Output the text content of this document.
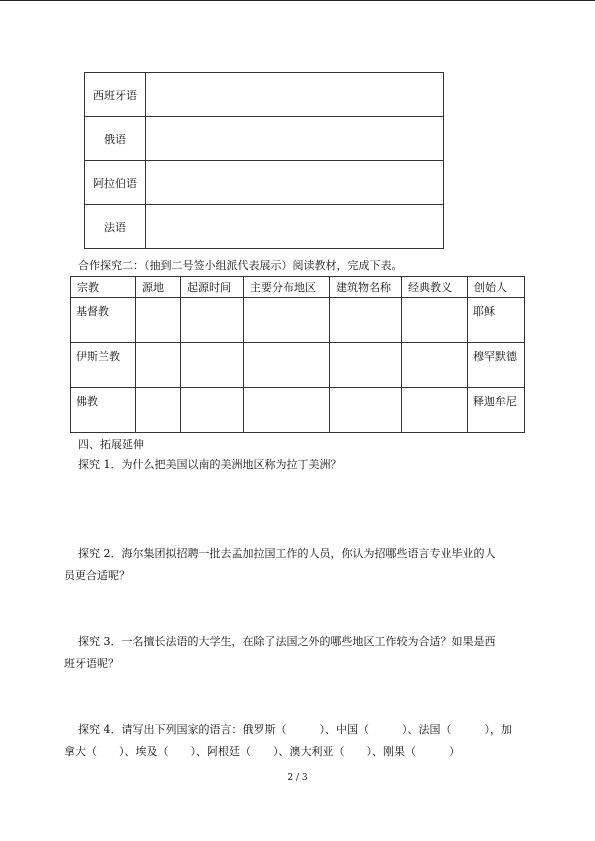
西班牙语	
俄语	
阿拉伯语	
法语	
合作探究二：（抽到二号签小组派代表展示）阅读教材，完成下表。
宗教	源地	起源时间	主要分布地区	建筑物名称	经典教义	创始人
基督教						耶稣
伊斯兰教						穆罕默德
佛教						释迦牟尼
四、拓展延伸
探究 1．为什么把美国以南的美洲地区称为拉丁美洲？
探究 2．海尔集团拟招聘一批去孟加拉国工作的人员，你认为招哪些语言专业毕业的人
员更合适呢？
探究 3．一名擅长法语的大学生，在除了法国之外的哪些地区工作较为合适？如果是西
班牙语呢？
探究 4．请写出下列国家的语言：俄罗斯（　　　）、中国（　　　）、法国（　　　），加
拿大（　　）、埃及（　　）、阿根廷（　　）、澳大利亚（　　）、刚果（　　　）
2 / 3
